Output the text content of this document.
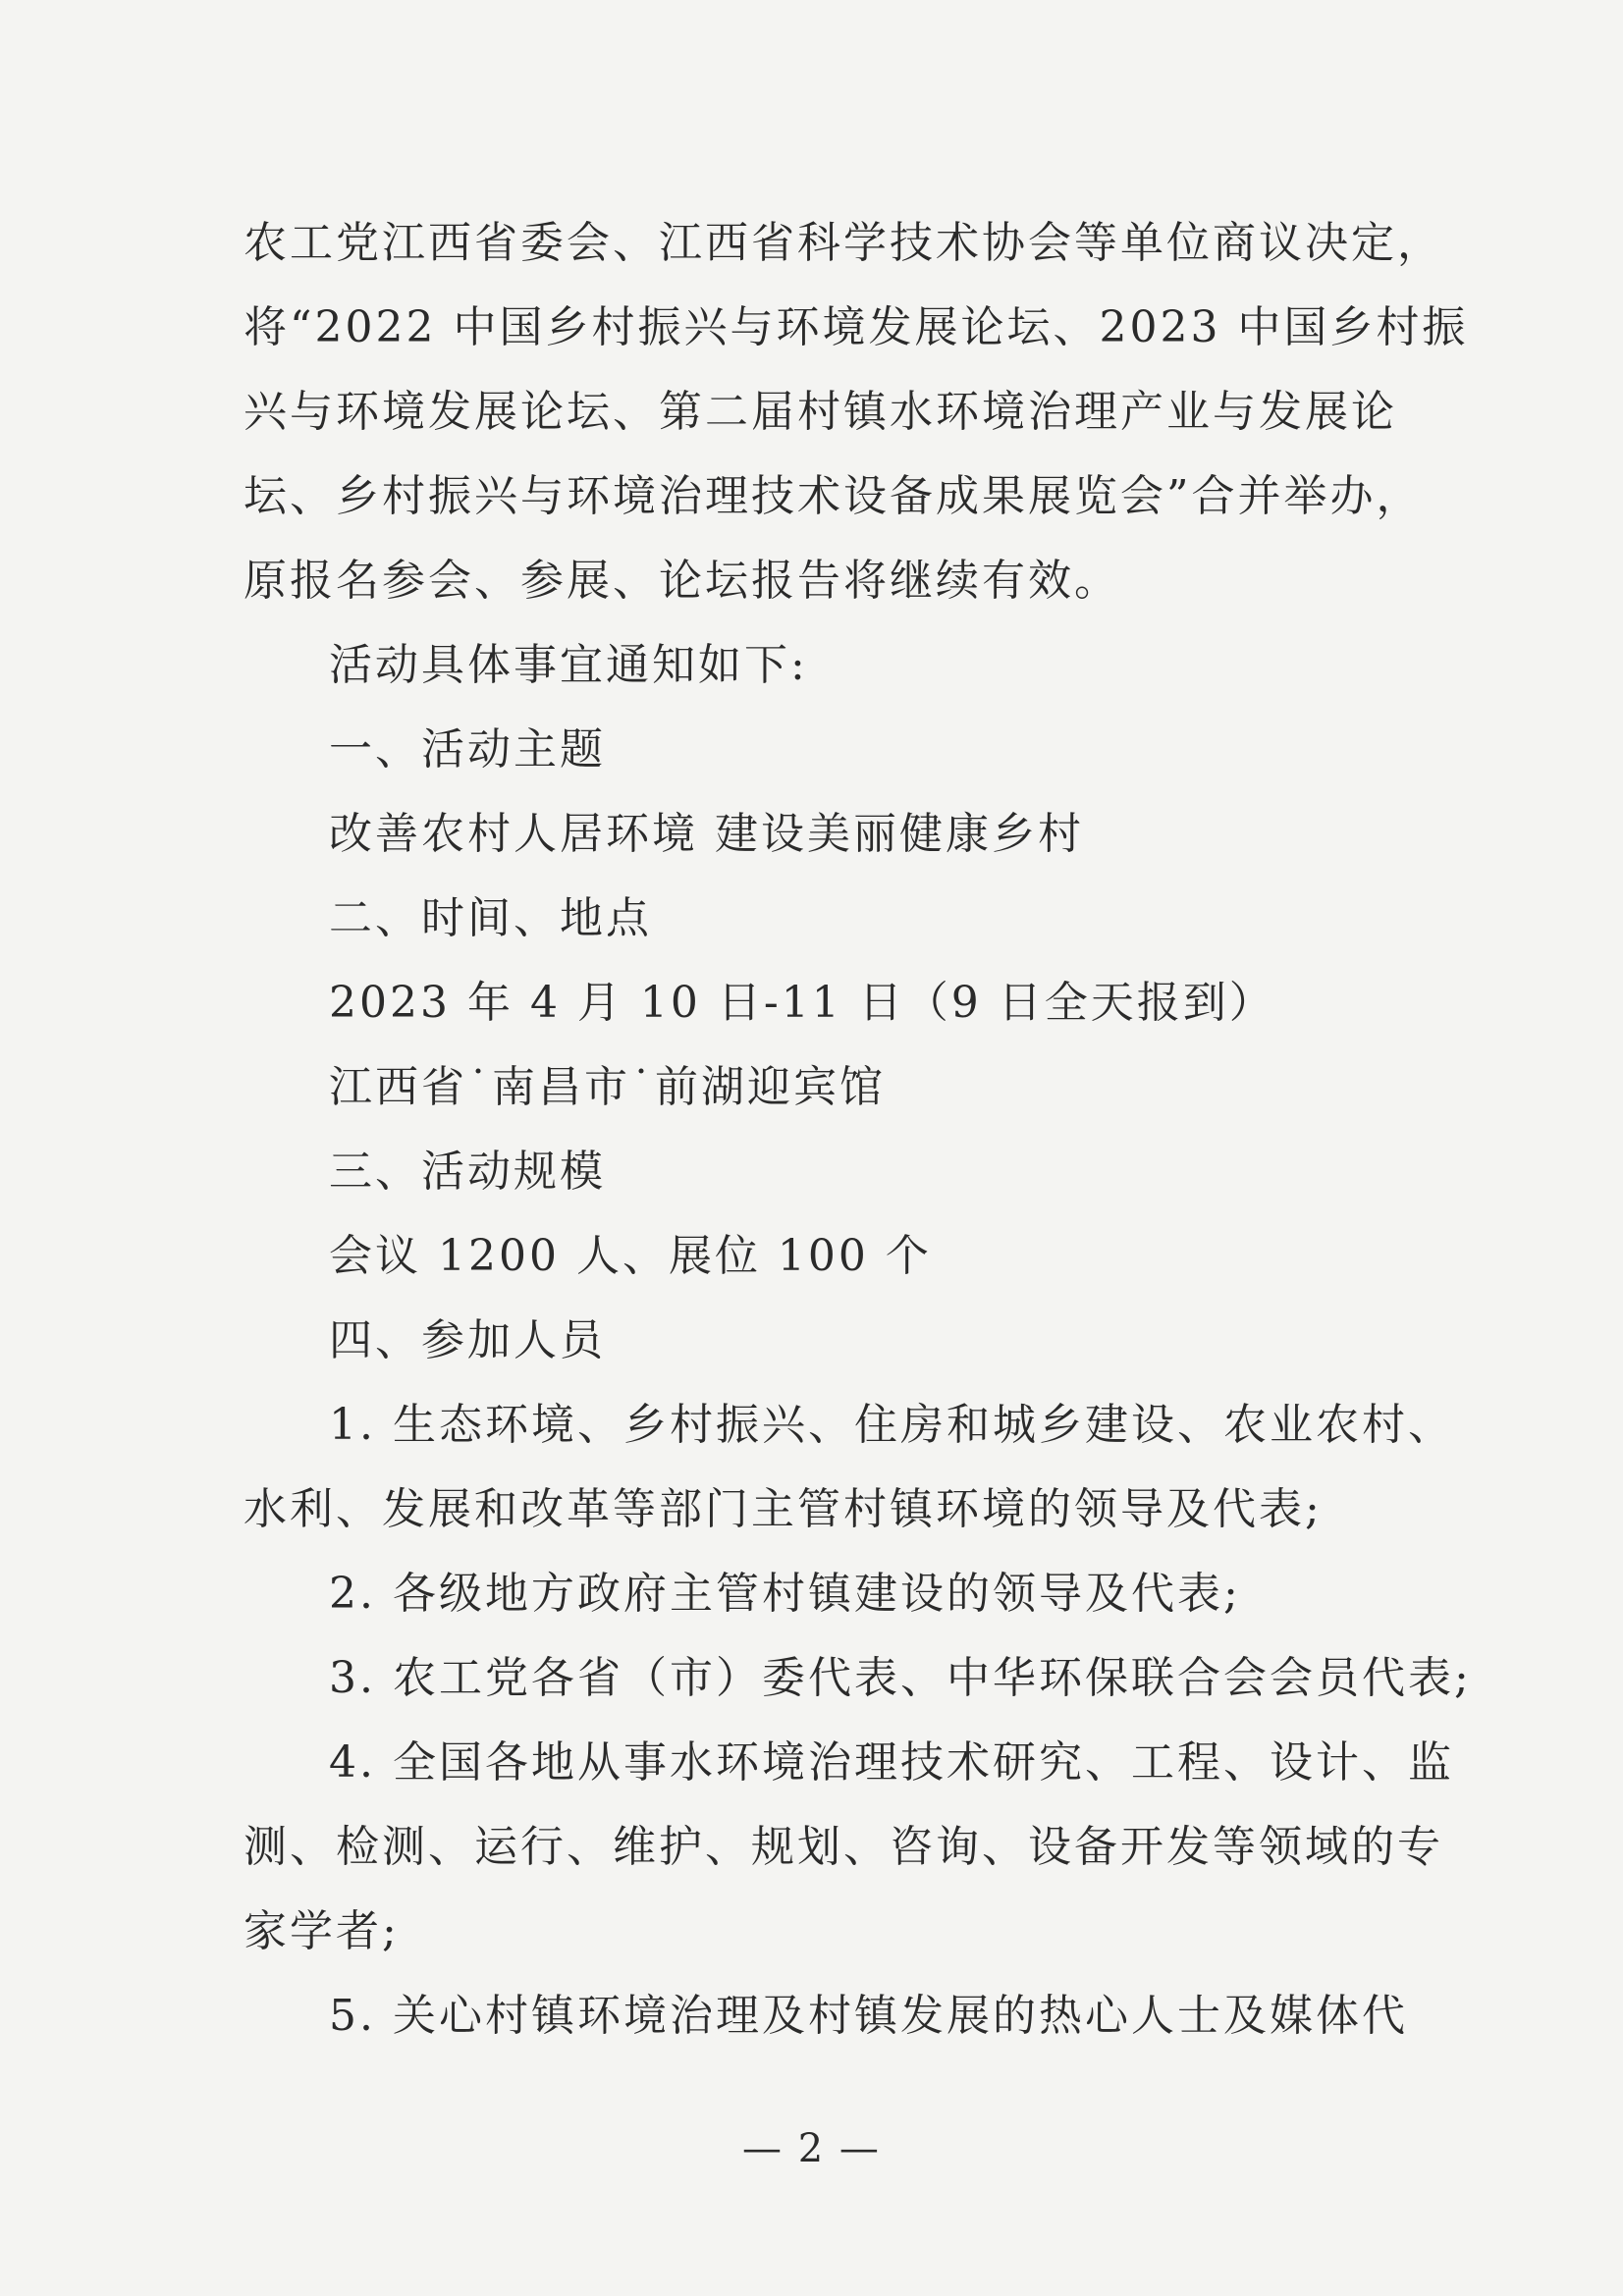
农工党江西省委会、江西省科学技术协会等单位商议决定，
将“2022 中国乡村振兴与环境发展论坛、2023 中国乡村振
兴与环境发展论坛、第二届村镇水环境治理产业与发展论
坛、乡村振兴与环境治理技术设备成果展览会”合并举办，
原报名参会、参展、论坛报告将继续有效。
活动具体事宜通知如下:
一、活动主题
改善农村人居环境 建设美丽健康乡村
二、时间、地点
2023 年 4 月 10 日-11 日（9 日全天报到）
江西省˙南昌市˙前湖迎宾馆
三、活动规模
会议 1200 人、展位 100 个
四、参加人员
1. 生态环境、乡村振兴、住房和城乡建设、农业农村、
水利、发展和改革等部门主管村镇环境的领导及代表;
2. 各级地方政府主管村镇建设的领导及代表;
3. 农工党各省（市）委代表、中华环保联合会会员代表;
4. 全国各地从事水环境治理技术研究、工程、设计、监
测、检测、运行、维护、规划、咨询、设备开发等领域的专
家学者;
5. 关心村镇环境治理及村镇发展的热心人士及媒体代
— 2 —
